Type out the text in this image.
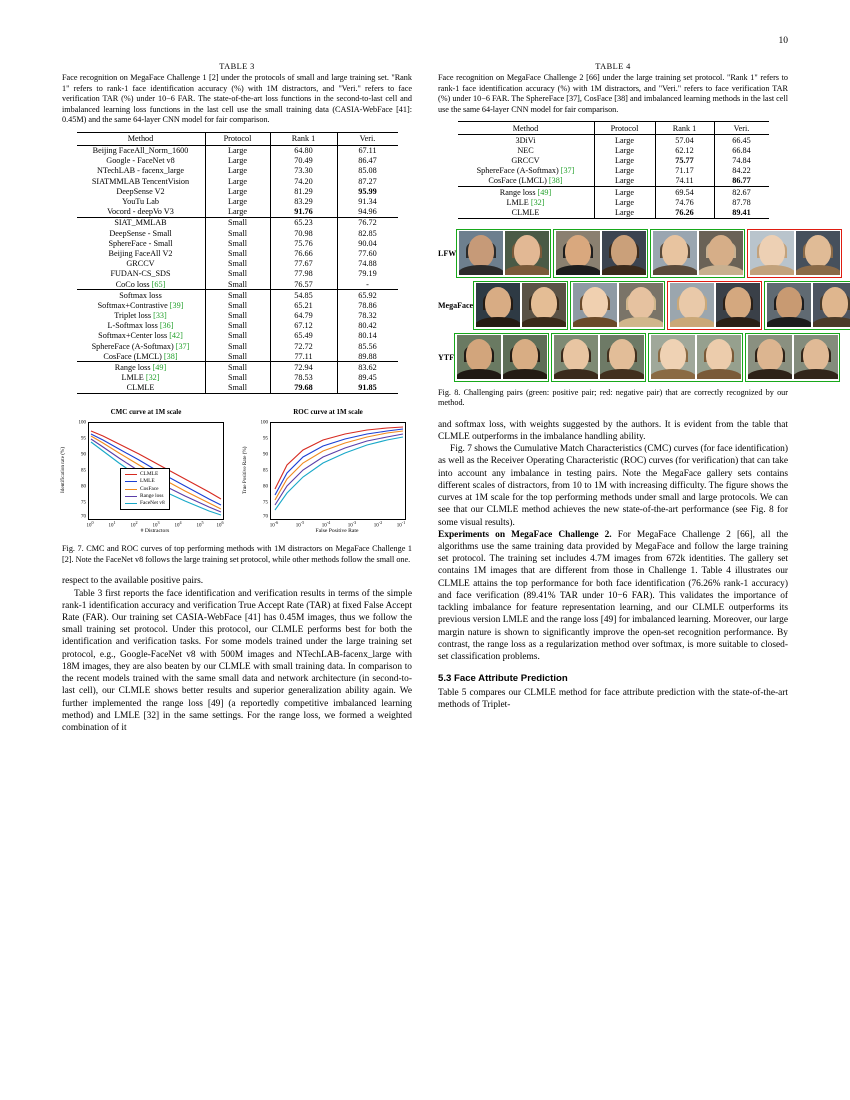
10
TABLE 3
Face recognition on MegaFace Challenge 1 [2] under the protocols of small and large training set. "Rank 1" refers to rank-1 face identification accuracy (%) with 1M distractors, and "Veri." refers to face verification TAR (%) under 10−6 FAR. The state-of-the-art loss functions in the second-to-last cell and imbalanced learning loss functions in the last cell use the small training data (CASIA-WebFace [41]: 0.45M) and the same 64-layer CNN model for fair comparison.
Method	Protocol	Rank 1	Veri.
Beijing FaceAll_Norm_1600	Large	64.80	67.11
Google - FaceNet v8	Large	70.49	86.47
NTechLAB - facenx_large	Large	73.30	85.08
SIATMMLAB TencentVision	Large	74.20	87.27
DeepSense V2	Large	81.29	95.99
YouTu Lab	Large	83.29	91.34
Vocord - deepVo V3	Large	91.76	94.96
SIAT_MMLAB	Small	65.23	76.72
DeepSense - Small	Small	70.98	82.85
SphereFace - Small	Small	75.76	90.04
Beijing FaceAll V2	Small	76.66	77.60
GRCCV	Small	77.67	74.88
FUDAN-CS_SDS	Small	77.98	79.19
CoCo loss [65]	Small	76.57	-
Softmax loss	Small	54.85	65.92
Softmax+Contrastive [39]	Small	65.21	78.86
Triplet loss [33]	Small	64.79	78.32
L-Softmax loss [36]	Small	67.12	80.42
Softmax+Center loss [42]	Small	65.49	80.14
SphereFace (A-Softmax) [37]	Small	72.72	85.56
CosFace (LMCL) [38]	Small	77.11	89.88
Range loss [49]	Small	72.94	83.62
LMLE [32]	Small	78.53	89.45
CLMLE	Small	79.68	91.85
CMC curve at 1M scale
Identification rate (%)
100
95
90
85
80
75
70
CLMLE
LMLE
CosFace
Range loss
FaceNet v8
$10^0$
$10^1$
$10^2$
$10^3$
$10^4$
$10^5$
$10^6$
# Distractors
ROC curve at 1M scale
True Positive Rate (%)
100
95
90
85
80
75
70
$10^{-6}$
$10^{-5}$
$10^{-4}$
$10^{-3}$
$10^{-2}$
$10^{-1}$
False Positive Rate
Fig. 7. CMC and ROC curves of top performing methods with 1M distractors on MegaFace Challenge 1 [2]. Note the FaceNet v8 follows the large training set protocol, while other methods follow the small one.

respect to the available positive pairs.

Table 3 first reports the face identification and verification results in terms of the simple rank-1 identification accuracy and verification True Accept Rate (TAR) at fixed False Accept Rate (FAR). Our training set CASIA-WebFace [41] has 0.45M images, thus we follow the small training set protocol. Under this protocol, our CLMLE performs best for both the identification and verification tasks. For some models trained under the large training set protocol, e.g., Google-FaceNet v8 with 500M images and NTechLAB-facenx_large with 18M images, they are also beaten by our CLMLE with small training data. In comparison to the recent models trained with the same small data and network architecture (in second-to-last cell), our CLMLE shows better results and superior generalization ability again. We further implemented the range loss [49] (a reportedly competitive imbalanced learning method) and LMLE [32] in the same settings. For the range loss, we formed a weighted combination of it

TABLE 4
Face recognition on MegaFace Challenge 2 [66] under the large training set protocol. "Rank 1" refers to rank-1 face identification accuracy (%) with 1M distractors, and "Veri." refers to face verification TAR (%) under 10−6 FAR. The SphereFace [37], CosFace [38] and imbalanced learning methods in the last cell use the same 64-layer CNN model for fair comparison.
Method	Protocol	Rank 1	Veri.
3DiVi	Large	57.04	66.45
NEC	Large	62.12	66.84
GRCCV	Large	75.77	74.84
SphereFace (A-Softmax) [37]	Large	71.17	84.22
CosFace (LMCL) [38]	Large	74.11	86.77
Range loss [49]	Large	69.54	82.67
LMLE [32]	Large	74.76	87.78
CLMLE	Large	76.26	89.41
LFW
MegaFace
YTF
Fig. 8. Challenging pairs (green: positive pair; red: negative pair) that are correctly recognized by our method.

and softmax loss, with weights suggested by the authors. It is evident from the table that CLMLE outperforms in the imbalance handling ability.

Fig. 7 shows the Cumulative Match Characteristics (CMC) curves (for face identification) as well as the Receiver Operating Characteristic (ROC) curves (for verification) that can take into account any imbalance in testing pairs. Note the MegaFace gallery sets contains different scales of distractors, from 10 to 1M with increasing difficulty. The figure shows the curves at 1M scale for the top performing methods under small and large protocols. We can see that our CLMLE method achieves the new state-of-the-art performance (see Fig. 8 for some visual results).

Experiments on MegaFace Challenge 2. For MegaFace Challenge 2 [66], all the algorithms use the same training data provided by MegaFace and follow the large training set protocol. The training set includes 4.7M images from 672k identities. The gallery set contains 1M images that are different from those in Challenge 1. Table 4 illustrates our CLMLE attains the top performance for both face identification (76.26% rank-1 accuracy) and face verification (89.41% TAR under 10−6 FAR). This validates the importance of tackling imbalance for feature representation learning, and our CLMLE outperforms its previous version LMLE and the range loss [49] for imbalanced learning. Moreover, our large margin nature is shown to significantly improve the open-set recognition performance. By contrast, the range loss as a regularization method over softmax, is more suitable to closed-set classification problems.

5.3 Face Attribute Prediction

Table 5 compares our CLMLE method for face attribute prediction with the state-of-the-art methods of Triplet-
